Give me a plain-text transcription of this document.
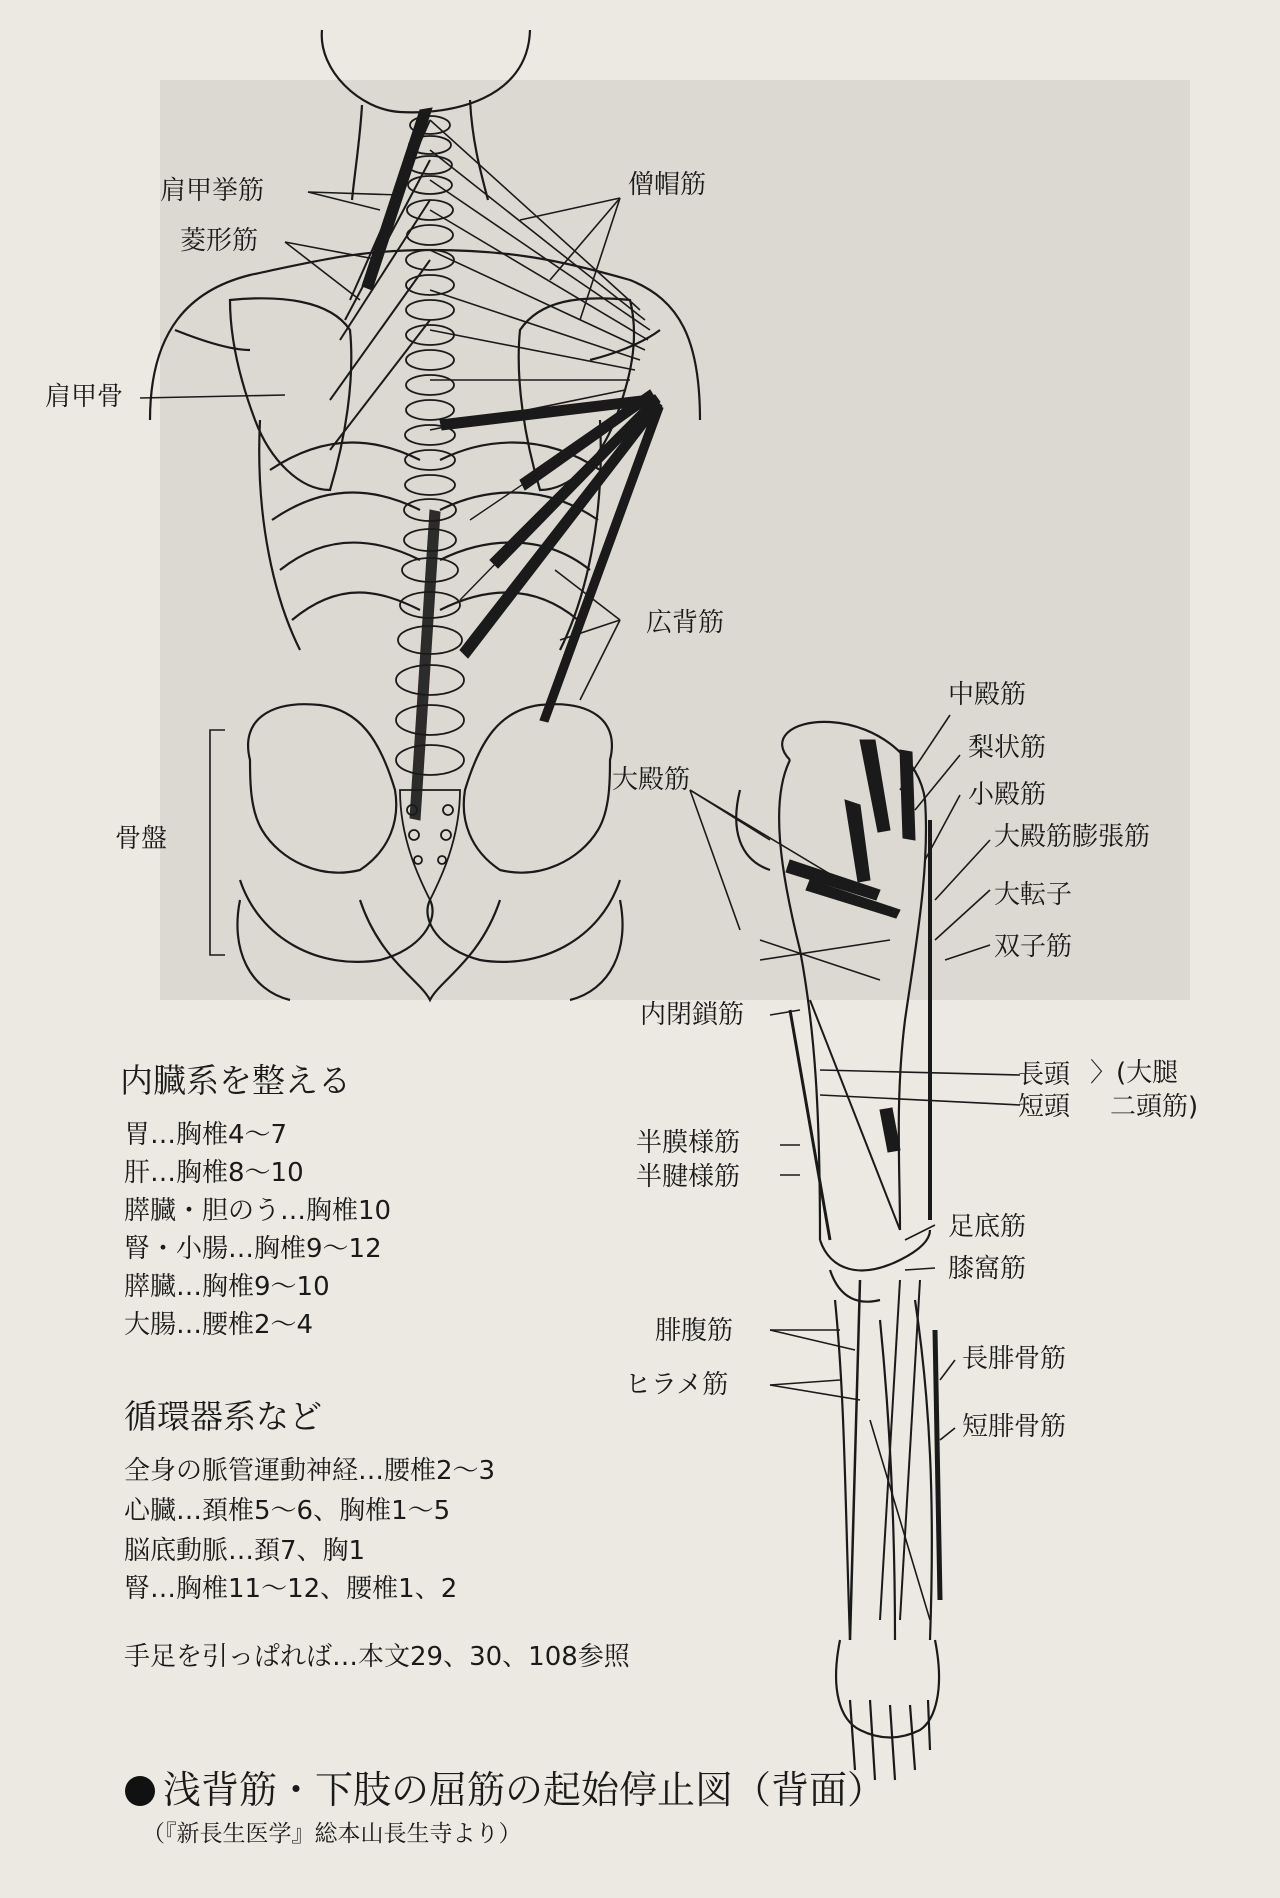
肩甲挙筋
菱形筋
僧帽筋
肩甲骨
広背筋
骨盤
大殿筋
中殿筋
梨状筋
小殿筋
大殿筋膨張筋
大転子
双子筋
内閉鎖筋
長頭
短頭
〉(大腿
二頭筋)
半膜様筋
半腱様筋
足底筋
膝窩筋
腓腹筋
ヒラメ筋
長腓骨筋
短腓骨筋
内臓系を整える
胃…胸椎4〜7
肝…胸椎8〜10
膵臓・胆のう…胸椎10
腎・小腸…胸椎9〜12
膵臓…胸椎9〜10
大腸…腰椎2〜4
循環器系など
全身の脈管運動神経…腰椎2〜3
心臓…頚椎5〜6、胸椎1〜5
脳底動脈…頚7、胸1
腎…胸椎11〜12、腰椎1、2
手足を引っぱれば…本文29、30、108参照
浅背筋・下肢の屈筋の起始停止図（背面）
（『新長生医学』総本山長生寺より）
